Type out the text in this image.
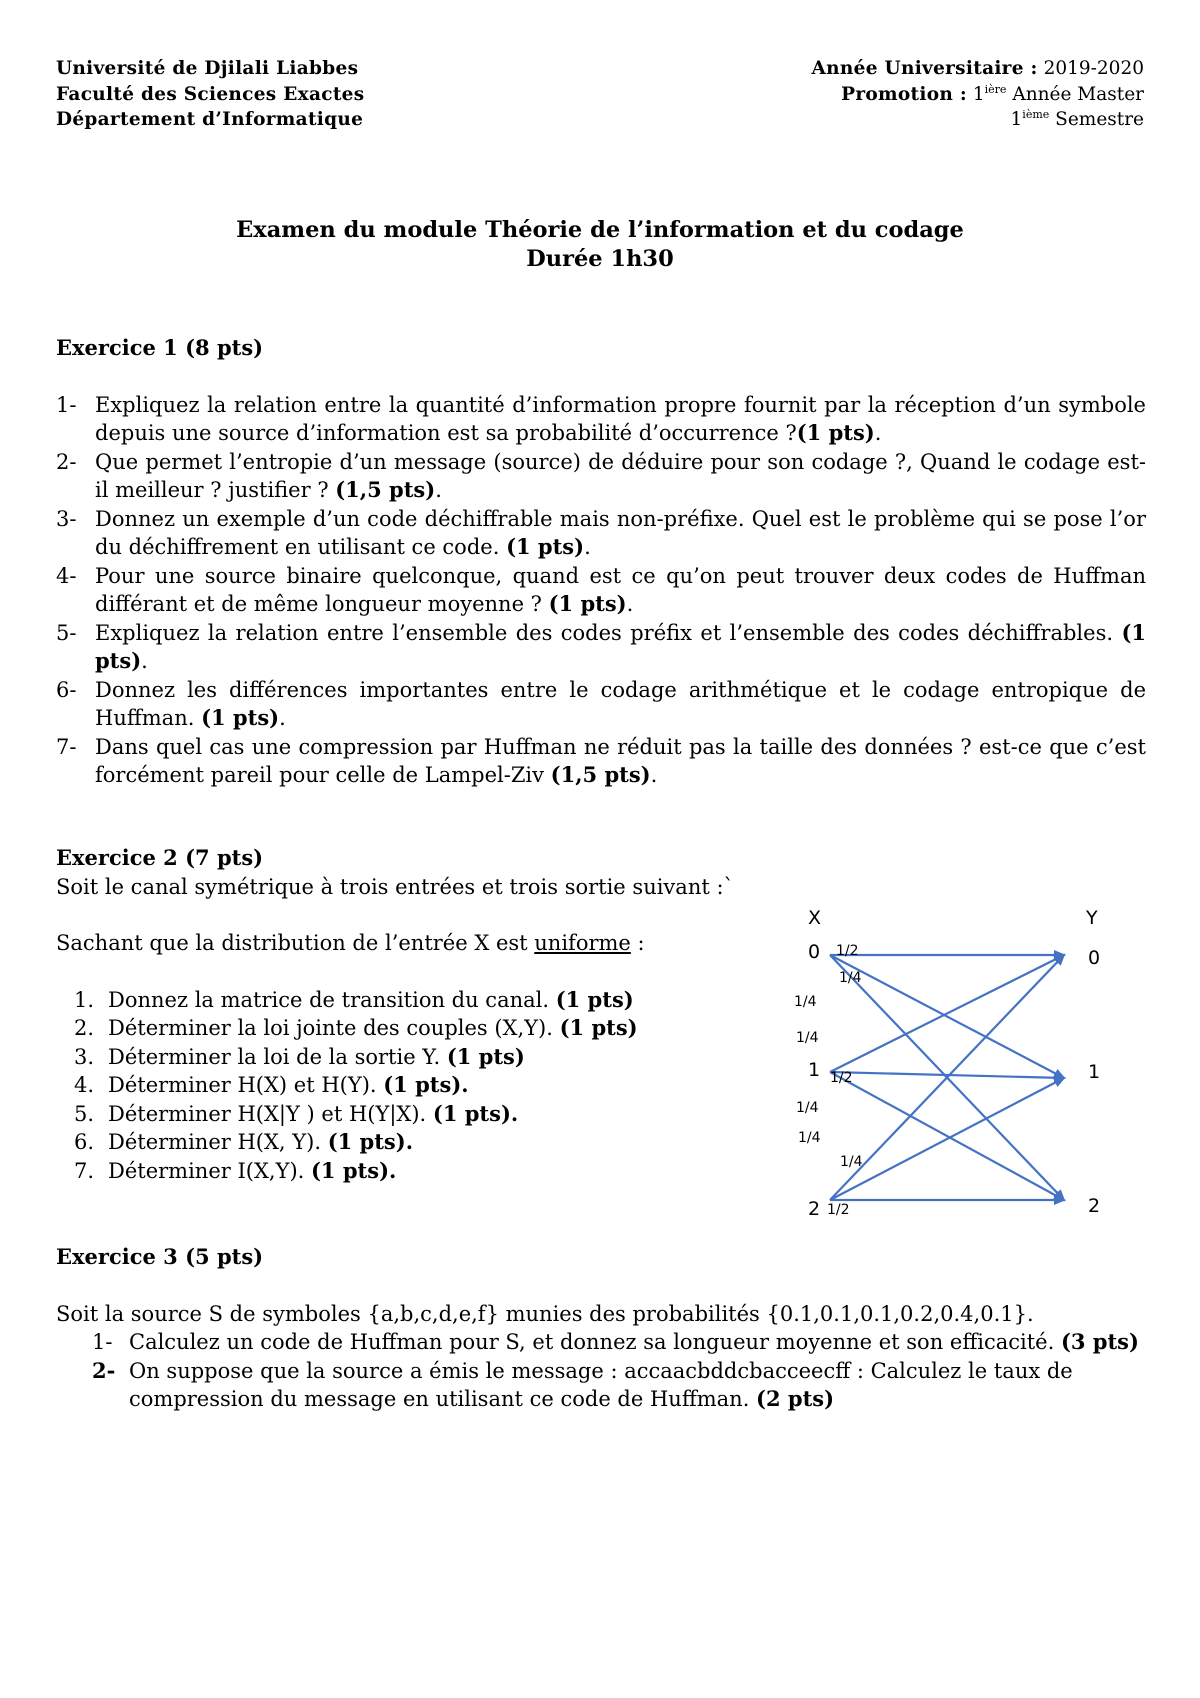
Université de Djilali Liabbes
Faculté des Sciences Exactes
Département d’Informatique
Année Universitaire : 2019-2020
Promotion : $1^{ière}$ Année Master
1ième Semestre
Examen du module Théorie de l’information et du codage
Durée 1h30
Exercice 1 (8 pts)
1- Expliquez la relation entre la quantité d’information propre fournit par la réception d’un symbole depuis une source d’information est sa probabilité d’occurrence ?(1 pts).
2- Que permet l’entropie d’un message (source) de déduire pour son codage ?, Quand le codage est-il meilleur ? justifier ? (1,5 pts).
3- Donnez un exemple d’un code déchiffrable mais non-préfixe. Quel est le problème qui se pose l’or du déchiffrement en utilisant ce code. (1 pts).
4- Pour une source binaire quelconque, quand est ce qu’on peut trouver deux codes de Huffman différant et de même longueur moyenne ? (1 pts).
5- Expliquez la relation entre l’ensemble des codes préfix et l’ensemble des codes déchiffrables. (1 pts).
6- Donnez les différences importantes entre le codage arithmétique et le codage entropique de Huffman. (1 pts).
7- Dans quel cas une compression par Huffman ne réduit pas la taille des données ? est-ce que c’est forcément pareil pour celle de Lampel-Ziv (1,5 pts).
Exercice 2 (7 pts)
Soit le canal symétrique à trois entrées et trois sortie suivant :`
Sachant que la distribution de l’entrée X est uniforme :
1. Donnez la matrice de transition du canal. (1 pts)
2. Déterminer la loi jointe des couples (X,Y). (1 pts)
3. Déterminer la loi de la sortie Y. (1 pts)
4. Déterminer H(X) et H(Y). (1 pts).
5. Déterminer H(X|Y ) et H(Y|X). (1 pts).
6. Déterminer H(X, Y). (1 pts).
7. Déterminer I(X,Y). (1 pts).
1/2
1/4
1/4
1/4
1/2
1/4
1/4
1/4
1/2
X	Y
0
1
2
0
1
2
Exercice 3 (5 pts)
Soit la source S de symboles {a,b,c,d,e,f} munies des probabilités {0.1,0.1,0.1,0.2,0.4,0.1}.
1- Calculez un code de Huffman pour S, et donnez sa longueur moyenne et son efficacité. (3 pts)
2- On suppose que la source a émis le message : accaacbddcbacceecff : Calculez le taux de compression du message en utilisant ce code de Huffman. (2 pts)
